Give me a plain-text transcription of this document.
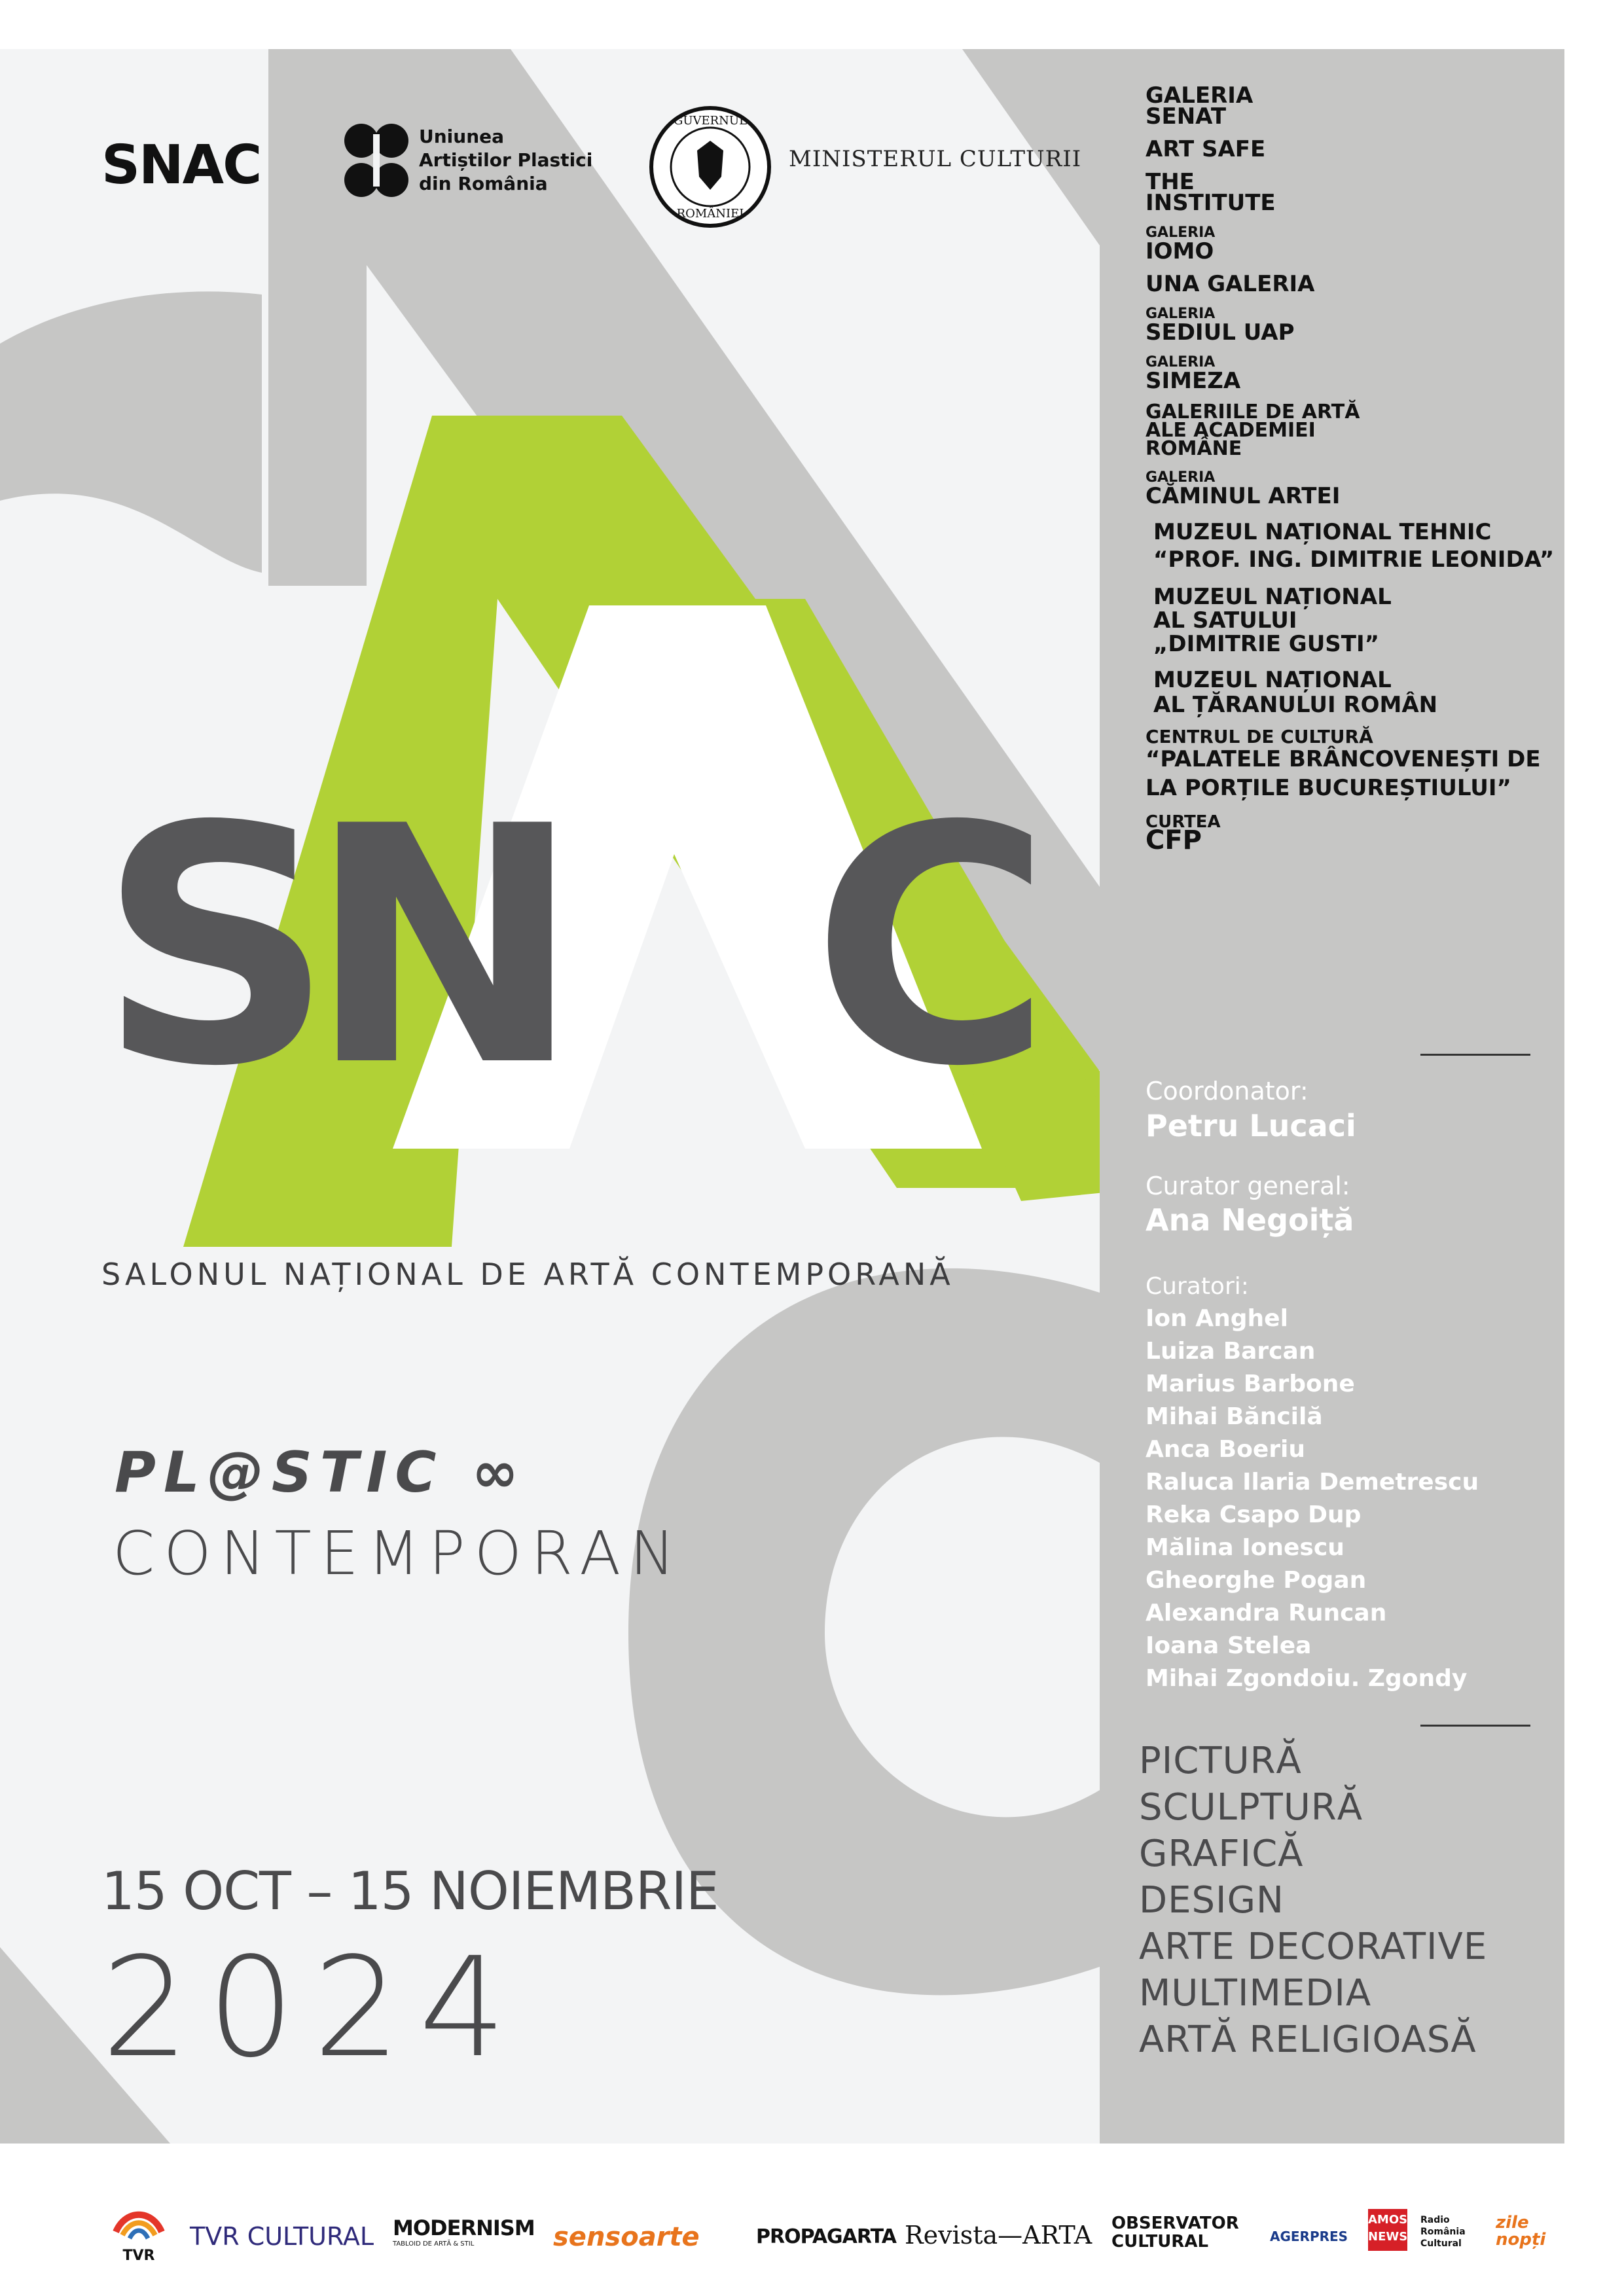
SNAC	Uniunea
Artiștilor Plastici
din România
GUVERNUL
ROMÂNIEI
MINISTERUL CULTURII
S
N C
SALONUL NAȚIONAL DE ARTĂ CONTEMPORANĂ
PL@STIC ∞
CONTEMPORAN
15 OCT – 15 NOIEMBRIE
2024
GALERIA
SENAT
ART SAFE
THE
INSTITUTE
GALERIA
IOMO
UNA GALERIA
GALERIA
SEDIUL UAP
GALERIA
SIMEZA
GALERIILE DE ARTĂ
ALE ACADEMIEI
ROMÂNE
GALERIA
CĂMINUL ARTEI
MUZEUL NAȚIONAL TEHNIC
“PROF. ING. DIMITRIE LEONIDA”
MUZEUL NAȚIONAL
AL SATULUI
„DIMITRIE GUSTI”
MUZEUL NAȚIONAL
AL ȚĂRANULUI ROMÂN
CENTRUL DE CULTURĂ
“PALATELE BRÂNCOVENEȘTI DE
LA PORȚILE BUCUREȘTIULUI”
CURTEA
CFP
Coordonator:
Petru Lucaci
Curator general:
Ana Negoiță
Curatori:
Ion Anghel
Luiza Barcan
Marius Barbone
Mihai Băncilă
Anca Boeriu
Raluca Ilaria Demetrescu
Reka Csapo Dup
Mălina Ionescu
Gheorghe Pogan
Alexandra Runcan
Ioana Stelea
Mihai Zgondoiu. Zgondy
PICTURĂ
SCULPTURĂ
GRAFICĂ
DESIGN
ARTE DECORATIVE
MULTIMEDIA
ARTĂ RELIGIOASĂ
TVR
TVR CULTURAL MODERNISM
TABLOID DE ARTĂ & STIL	sensoarte	PROPAGARTA Revista—ARTA OBSERVATOR CULTURAL	AGERPRES
AMOS NEWS
Radio România Cultural
zile nopți
